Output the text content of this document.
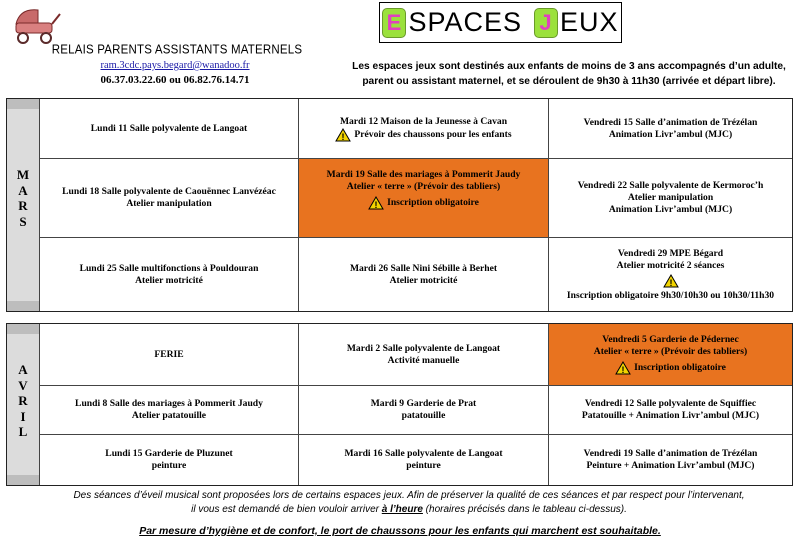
RELAIS PARENTS ASSISTANTS MATERNELS
ram.3cdc.pays.begard@wanadoo.fr
06.37.03.22.60 ou 06.82.76.14.71
E SPACES J EUX
Les espaces jeux sont destinés aux enfants de moins de 3 ans accompagnés d’un adulte,
parent ou assistant maternel, et se déroulent de 9h30 à 11h30 (arrivée et départ libre).
M
A
R
S
Lundi 11 Salle polyvalente de Langoat
Mardi 12 Maison de la Jeunesse à Cavan
! Prévoir des chaussons pour les enfants
Vendredi 15 Salle d’animation de Trézélan
Animation Livr’ambul (MJC)
Lundi 18 Salle polyvalente de Caouënnec Lanvézéac
Atelier manipulation
Mardi 19 Salle des mariages à Pommerit Jaudy
Atelier « terre » (Prévoir des tabliers)
! Inscription obligatoire
Vendredi 22 Salle polyvalente de Kermoroc’h
Atelier manipulation
Animation Livr’ambul (MJC)
Lundi 25 Salle multifonctions à Pouldouran
Atelier motricité
Mardi 26 Salle Nini Sébille à Berhet
Atelier motricité
Vendredi 29 MPE Bégard
Atelier motricité 2 séances
!
Inscription obligatoire 9h30/10h30 ou 10h30/11h30
A
V
R
I
L
FERIE
Mardi 2 Salle polyvalente de Langoat
Activité manuelle
Vendredi 5 Garderie de Pédernec
Atelier « terre » (Prévoir des tabliers)
! Inscription obligatoire
Lundi 8 Salle des mariages à Pommerit Jaudy
Atelier patatouille
Mardi 9 Garderie de Prat
patatouille
Vendredi 12 Salle polyvalente de Squiffiec
Patatouille + Animation Livr’ambul (MJC)
Lundi 15 Garderie de Pluzunet
peinture
Mardi 16 Salle polyvalente de Langoat
peinture
Vendredi 19 Salle d’animation de Trézélan
Peinture + Animation Livr’ambul (MJC)
Des séances d’éveil musical sont proposées lors de certains espaces jeux. Afin de préserver la qualité de ces séances et par respect pour l’intervenant,
il vous est demandé de bien vouloir arriver à l’heure (horaires précisés dans le tableau ci-dessus).
Par mesure d’hygiène et de confort, le port de chaussons pour les enfants qui marchent est souhaitable.
